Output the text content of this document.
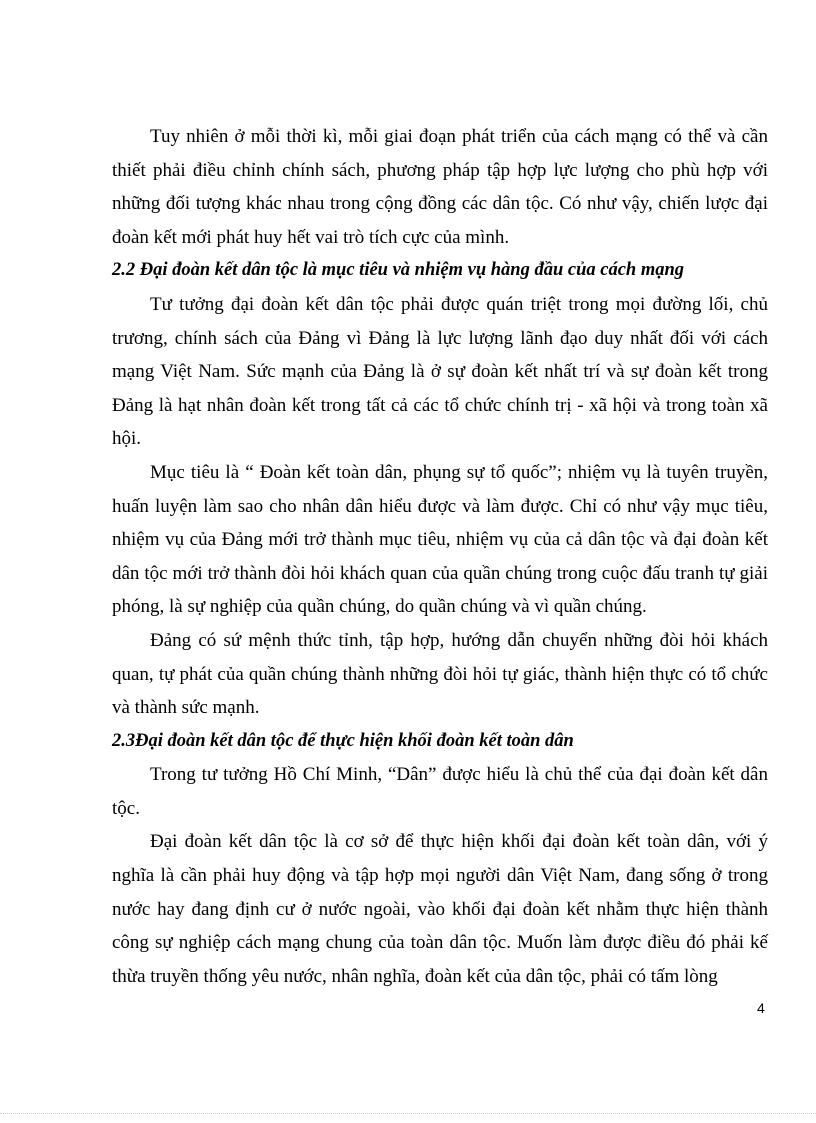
Tuy nhiên ở mỗi thời kì, mỗi giai đoạn phát triển của cách mạng có thể và cần thiết phải điều chỉnh chính sách, phương pháp tập hợp lực lượng cho phù hợp với những đối tượng khác nhau trong cộng đồng các dân tộc. Có như vậy, chiến lược đại đoàn kết mới phát huy hết vai trò tích cực của mình.

2.2 Đại đoàn kết dân tộc là mục tiêu và nhiệm vụ hàng đầu của cách mạng

Tư tưởng đại đoàn kết dân tộc phải được quán triệt trong mọi đường lối, chủ trương, chính sách của Đảng vì Đảng là lực lượng lãnh đạo duy nhất đối với cách mạng Việt Nam. Sức mạnh của Đảng là ở sự đoàn kết nhất trí và sự đoàn kết trong Đảng là hạt nhân đoàn kết trong tất cả các tổ chức chính trị - xã hội và trong toàn xã hội.

Mục tiêu là “ Đoàn kết toàn dân, phụng sự tổ quốc”; nhiệm vụ là tuyên truyền, huấn luyện làm sao cho nhân dân hiểu được và làm được. Chỉ có như vậy mục tiêu, nhiệm vụ của Đảng mới trở thành mục tiêu, nhiệm vụ của cả dân tộc và đại đoàn kết dân tộc mới trở thành đòi hỏi khách quan của quần chúng trong cuộc đấu tranh tự giải phóng, là sự nghiệp của quần chúng, do quần chúng và vì quần chúng.

Đảng có sứ mệnh thức tỉnh, tập hợp, hướng dẫn chuyển những đòi hỏi khách quan, tự phát của quần chúng thành những đòi hỏi tự giác, thành hiện thực có tổ chức và thành sức mạnh.

2.3Đại đoàn kết dân tộc để thực hiện khối đoàn kết toàn dân

Trong tư tưởng Hồ Chí Minh, “Dân” được hiểu là chủ thể của đại đoàn kết dân tộc.

Đại đoàn kết dân tộc là cơ sở để thực hiện khối đại đoàn kết toàn dân, với ý nghĩa là cần phải huy động và tập hợp mọi người dân Việt Nam, đang sống ở trong nước hay đang định cư ở nước ngoài, vào khối đại đoàn kết nhằm thực hiện thành công sự nghiệp cách mạng chung của toàn dân tộc. Muốn làm được điều đó phải kế thừa truyền thống yêu nước, nhân nghĩa, đoàn kết của dân tộc, phải có tấm lòng

4
